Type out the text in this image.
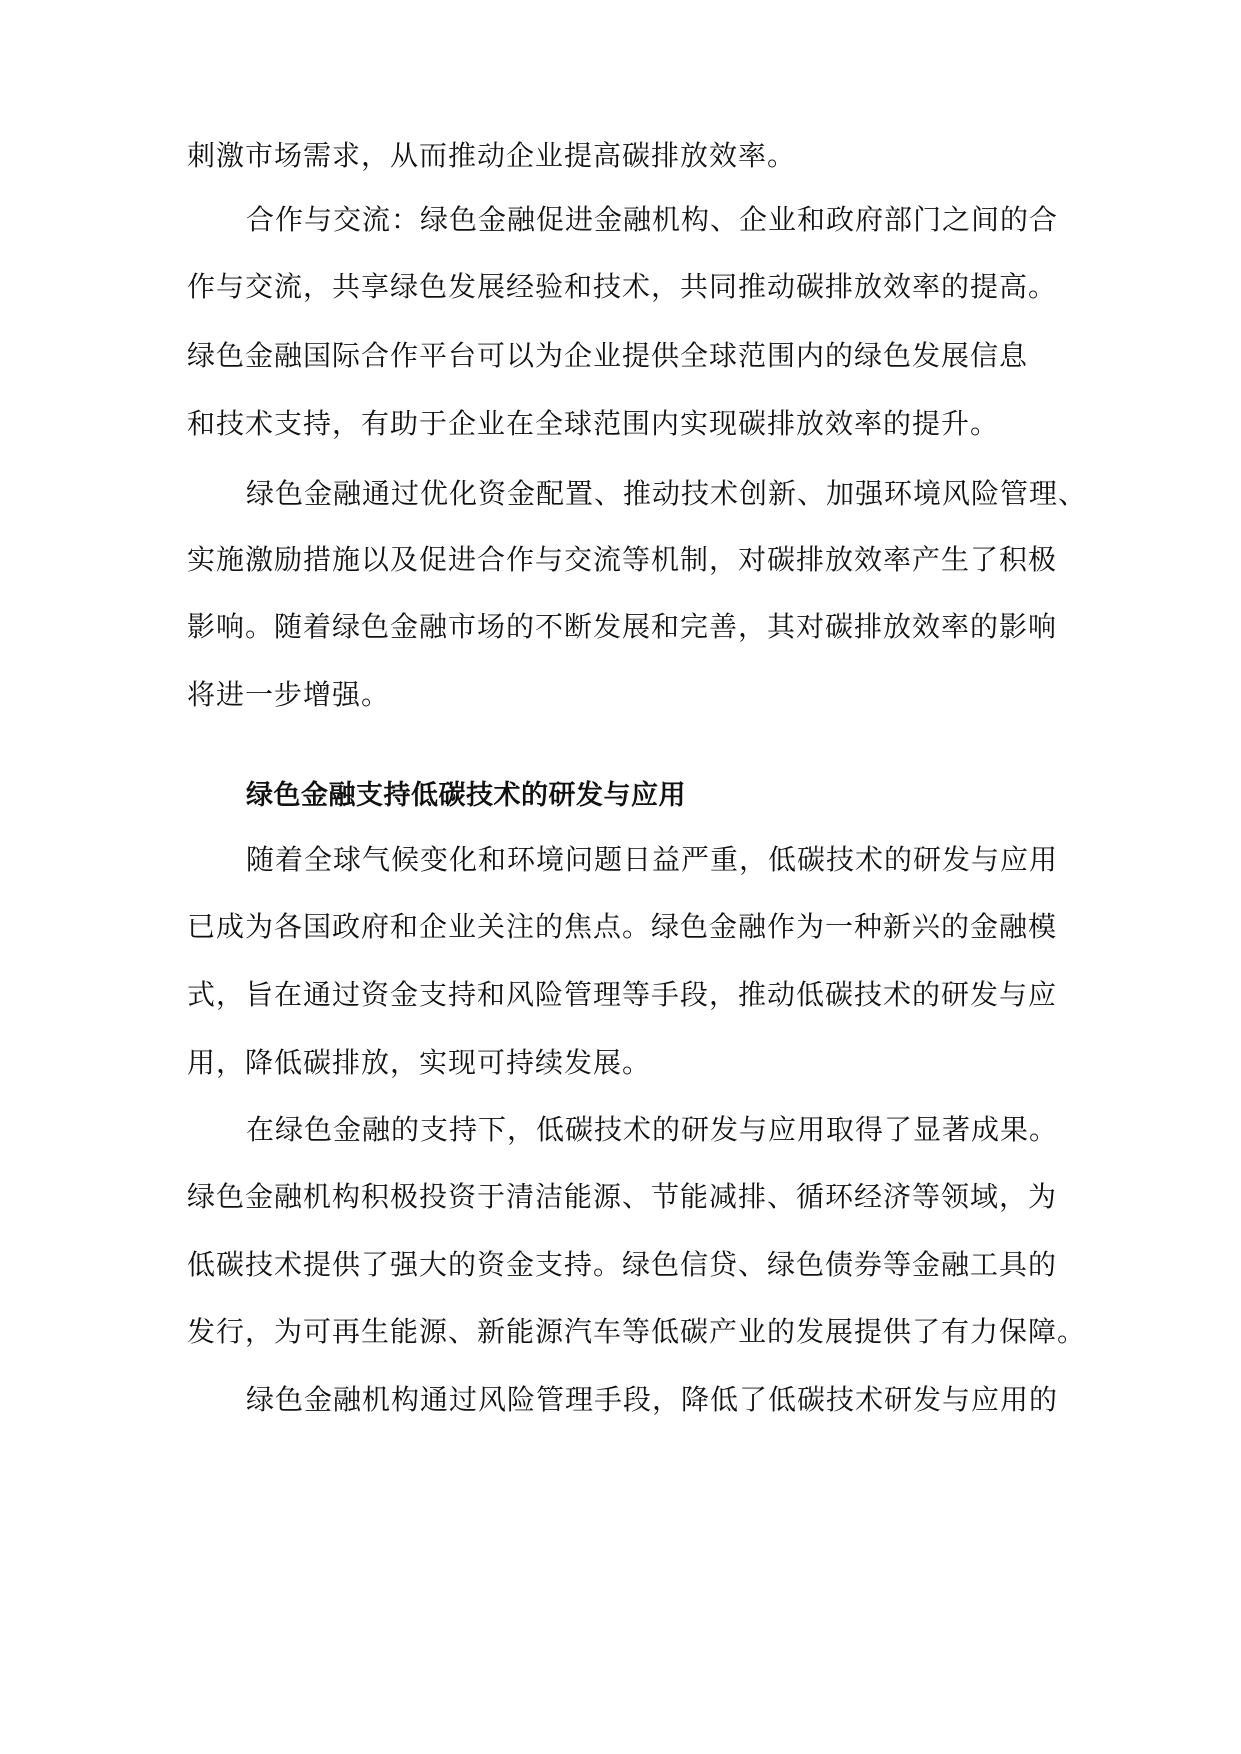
刺激市场需求，从而推动企业提高碳排放效率。
合作与交流：绿色金融促进金融机构、企业和政府部门之间的合
作与交流，共享绿色发展经验和技术，共同推动碳排放效率的提高。
绿色金融国际合作平台可以为企业提供全球范围内的绿色发展信息
和技术支持，有助于企业在全球范围内实现碳排放效率的提升。
绿色金融通过优化资金配置、推动技术创新、加强环境风险管理、
实施激励措施以及促进合作与交流等机制，对碳排放效率产生了积极
影响。随着绿色金融市场的不断发展和完善，其对碳排放效率的影响
将进一步增强。
绿色金融支持低碳技术的研发与应用
随着全球气候变化和环境问题日益严重，低碳技术的研发与应用
已成为各国政府和企业关注的焦点。绿色金融作为一种新兴的金融模
式，旨在通过资金支持和风险管理等手段，推动低碳技术的研发与应
用，降低碳排放，实现可持续发展。
在绿色金融的支持下，低碳技术的研发与应用取得了显著成果。
绿色金融机构积极投资于清洁能源、节能减排、循环经济等领域，为
低碳技术提供了强大的资金支持。绿色信贷、绿色债券等金融工具的
发行，为可再生能源、新能源汽车等低碳产业的发展提供了有力保障。
绿色金融机构通过风险管理手段，降低了低碳技术研发与应用的
